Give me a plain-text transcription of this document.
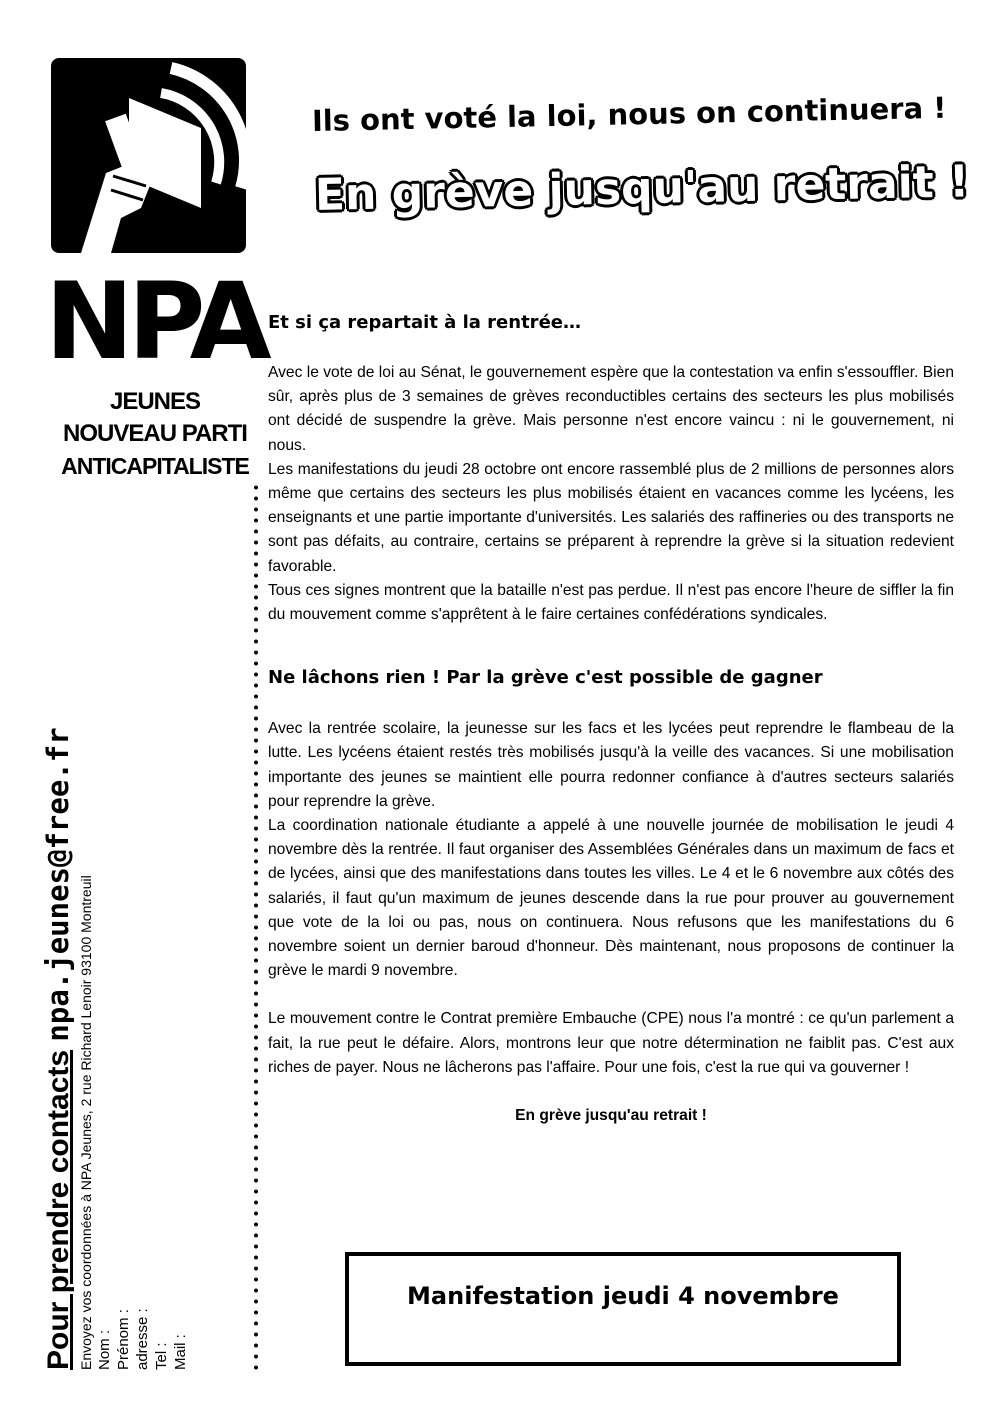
NPA
JEUNES
NOUVEAU PARTI
ANTICAPITALISTE
Pour prendre contacts npa.jeunes@free.fr Envoyez vos coordonnées à NPA Jeunes, 2 rue Richard Lenoir 93100 Montreuil Nom : Prénom : adresse : Tel : Mail :
Ils ont voté la loi, nous on continuera !
En grève jusqu'au retrait !
Et si ça repartait à la rentrée…

Avec le vote de loi au Sénat, le gouvernement espère que la contestation va enfin s'essouffler. Bien sûr, après plus de 3 semaines de grèves reconductibles certains des secteurs les plus mobilisés ont décidé de suspendre la grève. Mais personne n'est encore vaincu : ni le gouvernement, ni nous.

Les manifestations du jeudi 28 octobre ont encore rassemblé plus de 2 millions de personnes alors même que certains des secteurs les plus mobilisés étaient en vacances comme les lycéens, les enseignants et une partie importante d'universités. Les salariés des raffineries ou des transports ne sont pas défaits, au contraire, certains se préparent à reprendre la grève si la situation redevient favorable.

Tous ces signes montrent que la bataille n'est pas perdue. Il n'est pas encore l'heure de siffler la fin du mouvement comme s'apprêtent à le faire certaines confédérations syndicales.

Ne lâchons rien ! Par la grève c'est possible de gagner

Avec la rentrée scolaire, la jeunesse sur les facs et les lycées peut reprendre le flambeau de la lutte. Les lycéens étaient restés très mobilisés jusqu'à la veille des vacances. Si une mobilisation importante des jeunes se maintient elle pourra redonner confiance à d'autres secteurs salariés pour reprendre la grève.

La coordination nationale étudiante a appelé à une nouvelle journée de mobilisation le jeudi 4 novembre dès la rentrée. Il faut organiser des Assemblées Générales dans un maximum de facs et de lycées, ainsi que des manifestations dans toutes les villes. Le 4 et le 6 novembre aux côtés des salariés, il faut qu'un maximum de jeunes descende dans la rue pour prouver au gouvernement que vote de la loi ou pas, nous on continuera. Nous refusons que les manifestations du 6 novembre soient un dernier baroud d'honneur. Dès maintenant, nous proposons de continuer la grève le mardi 9 novembre.

Le mouvement contre le Contrat première Embauche (CPE) nous l'a montré : ce qu'un parlement a fait, la rue peut le défaire. Alors, montrons leur que notre détermination ne faiblit pas. C'est aux riches de payer. Nous ne lâcherons pas l'affaire. Pour une fois, c'est la rue qui va gouverner !

En grève jusqu'au retrait !
Manifestation jeudi 4 novembre
